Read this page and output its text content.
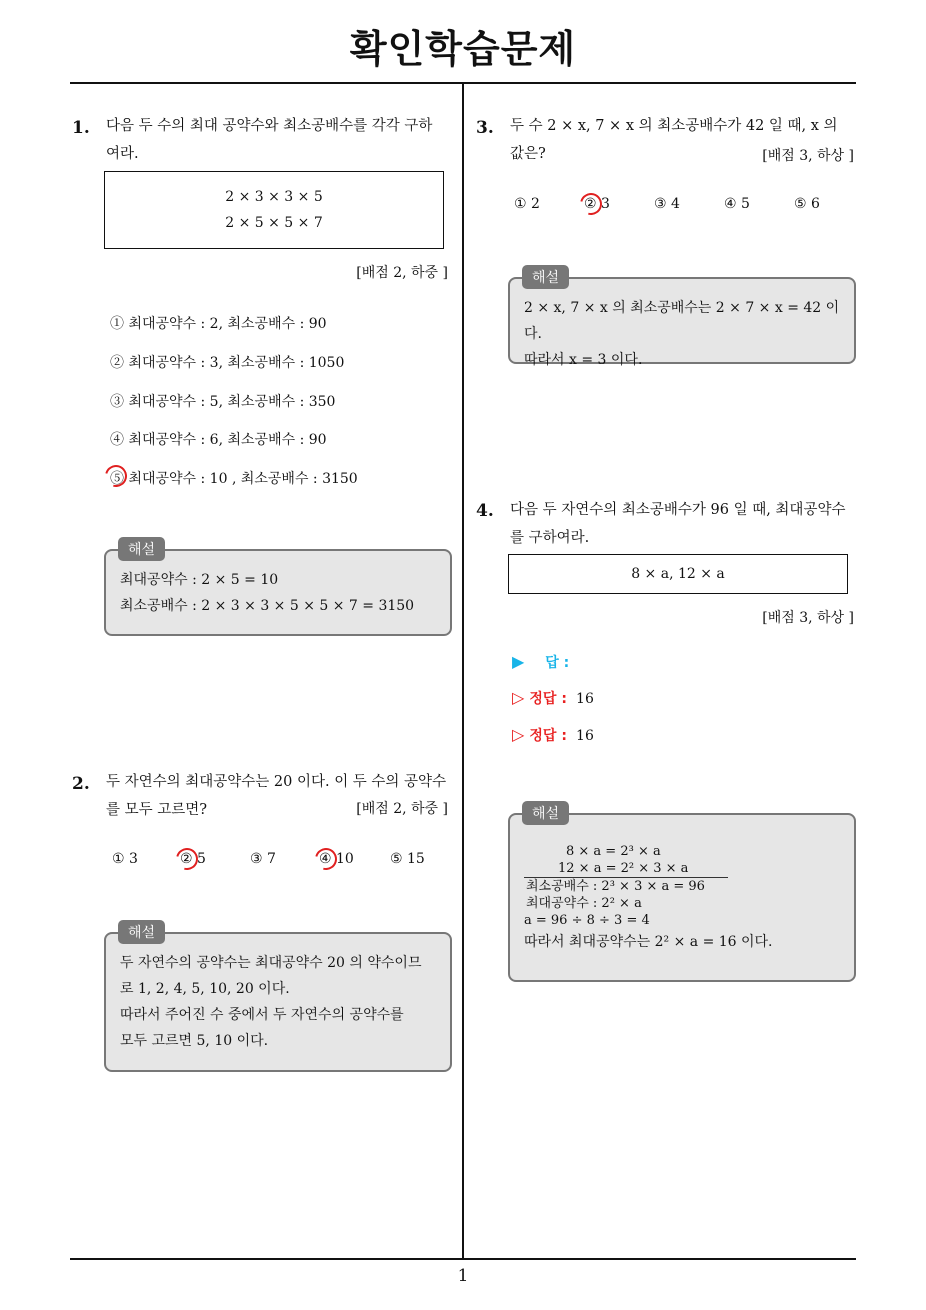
확인학습문제
1. 다음 두 수의 최대 공약수와 최소공배수를 각각 구하
여라.
2 × 3 × 3 × 5
2 × 5 × 5 × 7
[배점 2, 하중 ]
① 최대공약수 : 2, 최소공배수 : 90
② 최대공약수 : 3, 최소공배수 : 1050
③ 최대공약수 : 5, 최소공배수 : 350
④ 최대공약수 : 6, 최소공배수 : 90
⑤ 최대공약수 : 10 , 최소공배수 : 3150
최대공약수 : 2 × 5 = 10
최소공배수 : 2 × 3 × 3 × 5 × 5 × 7 = 3150
해설
2. 두 자연수의 최대공약수는 20 이다. 이 두 수의 공약수
를 모두 고르면?	[배점 2, 하중 ]
① 3	② 5	③ 7	④ 10	⑤ 15
두 자연수의 공약수는 최대공약수 20 의 약수이므
로 1, 2, 4, 5, 10, 20 이다.
따라서 주어진 수 중에서 두 자연수의 공약수를
모두 고르면 5, 10 이다.
해설
3. 두 수 2 × x, 7 × x 의 최소공배수가 42 일 때, x 의
값은?	[배점 3, 하상 ]
① 2	② 3	③ 4	④ 5	⑤ 6
2 × x, 7 × x 의 최소공배수는 2 × 7 × x = 42 이다.
따라서 x = 3 이다.
해설
4. 다음 두 자연수의 최소공배수가 96 일 때, 최대공약수
를 구하여라.
8 × a, 12 × a
[배점 3, 하상 ]
▶ 답 :
▷ 정답 : 16
▷ 정답 : 16
8 × a = 2³ × a
12 × a = 2² × 3 × a
최소공배수 : 2³ × 3 × a = 96
최대공약수 : 2² × a
a = 96 ÷ 8 ÷ 3 = 4
따라서 최대공약수는 2² × a = 16 이다.
해설
1
